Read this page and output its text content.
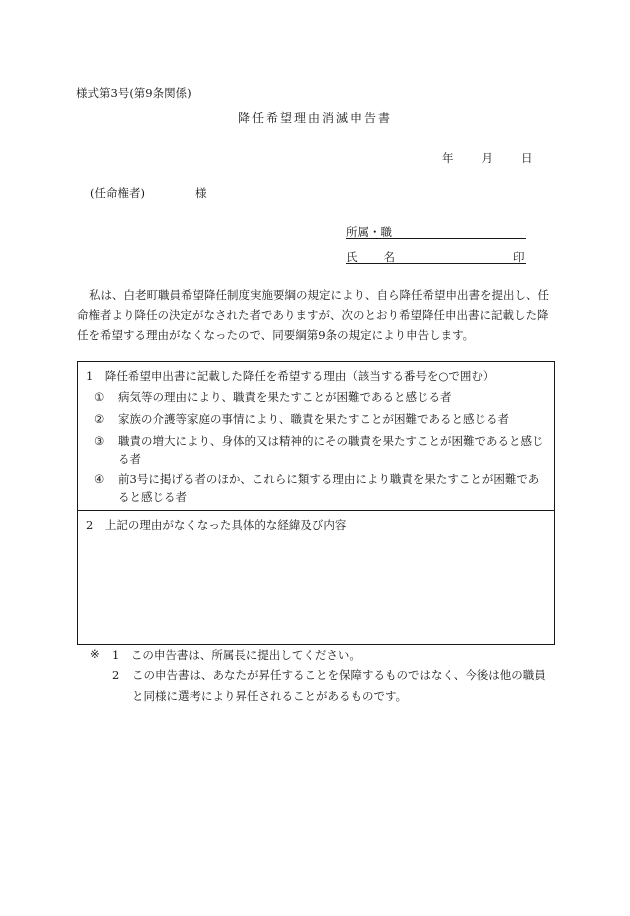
様式第3号(第9条関係)
降任希望理由消滅申告書
年 月 日
(任命権者)	様
所属・職
氏 名	印
私は、白老町職員希望降任制度実施要綱の規定により、自ら降任希望申出書を提出し、任命権者より降任の決定がなされた者でありますが、次のとおり希望降任申出書に記載した降任を希望する理由がなくなったので、同要綱第9条の規定により申告します。
1　降任希望申出書に記載した降任を希望する理由（該当する番号を○で囲む）
① 病気等の理由により、職責を果たすことが困難であると感じる者
② 家族の介護等家庭の事情により、職責を果たすことが困難であると感じる者
③ 職責の増大により、身体的又は精神的にその職責を果たすことが困難であると感じる者
④ 前3号に掲げる者のほか、これらに類する理由により職責を果たすことが困難であると感じる者
2　上記の理由がなくなった具体的な経緯及び内容
※ 1　この申告書は、所属長に提出してください。
2 この申告書は、あなたが昇任することを保障するものではなく、今後は他の職員と同様に選考により昇任されることがあるものです。
